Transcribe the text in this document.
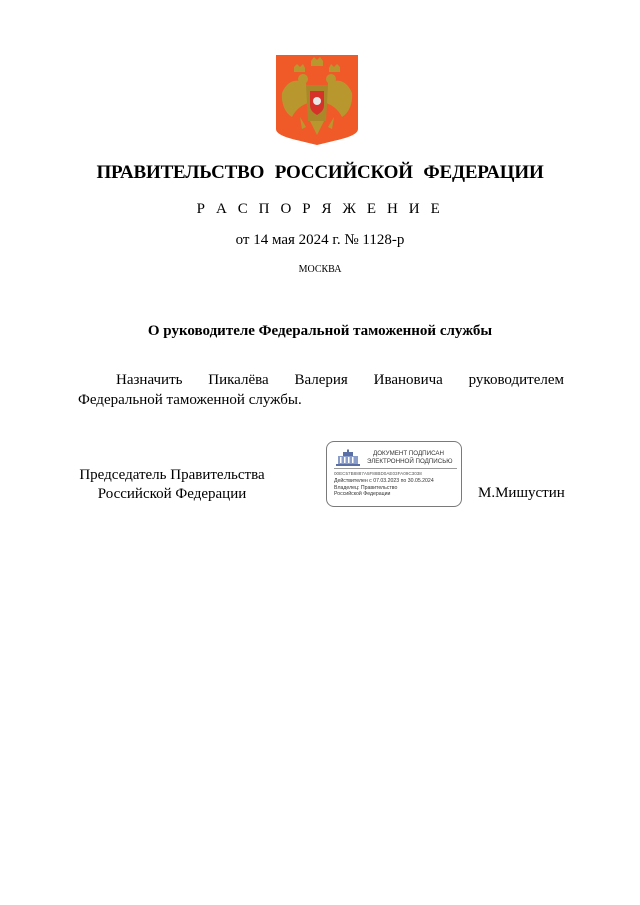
ПРАВИТЕЛЬСТВО РОССИЙСКОЙ ФЕДЕРАЦИИ
Р А С П О Р Я Ж Е Н И Е
от 14 мая 2024 г. № 1128-р
МОСКВА
О руководителе Федеральной таможенной службы
Назначить Пикалёва Валерия Ивановича руководителем Федеральной таможенной службы.
Председатель Правительства
Российской Федерации
ДОКУМЕНТ ПОДПИСАН
ЭЛЕКТРОННОЙ ПОДПИСЬЮ
00EC57B8887A5F88BD0AE03FA09C3038
Действителен с 07.03.2023 по 30.05.2024
Владелец: Правительство Российской Федерации	М.Мишустин
